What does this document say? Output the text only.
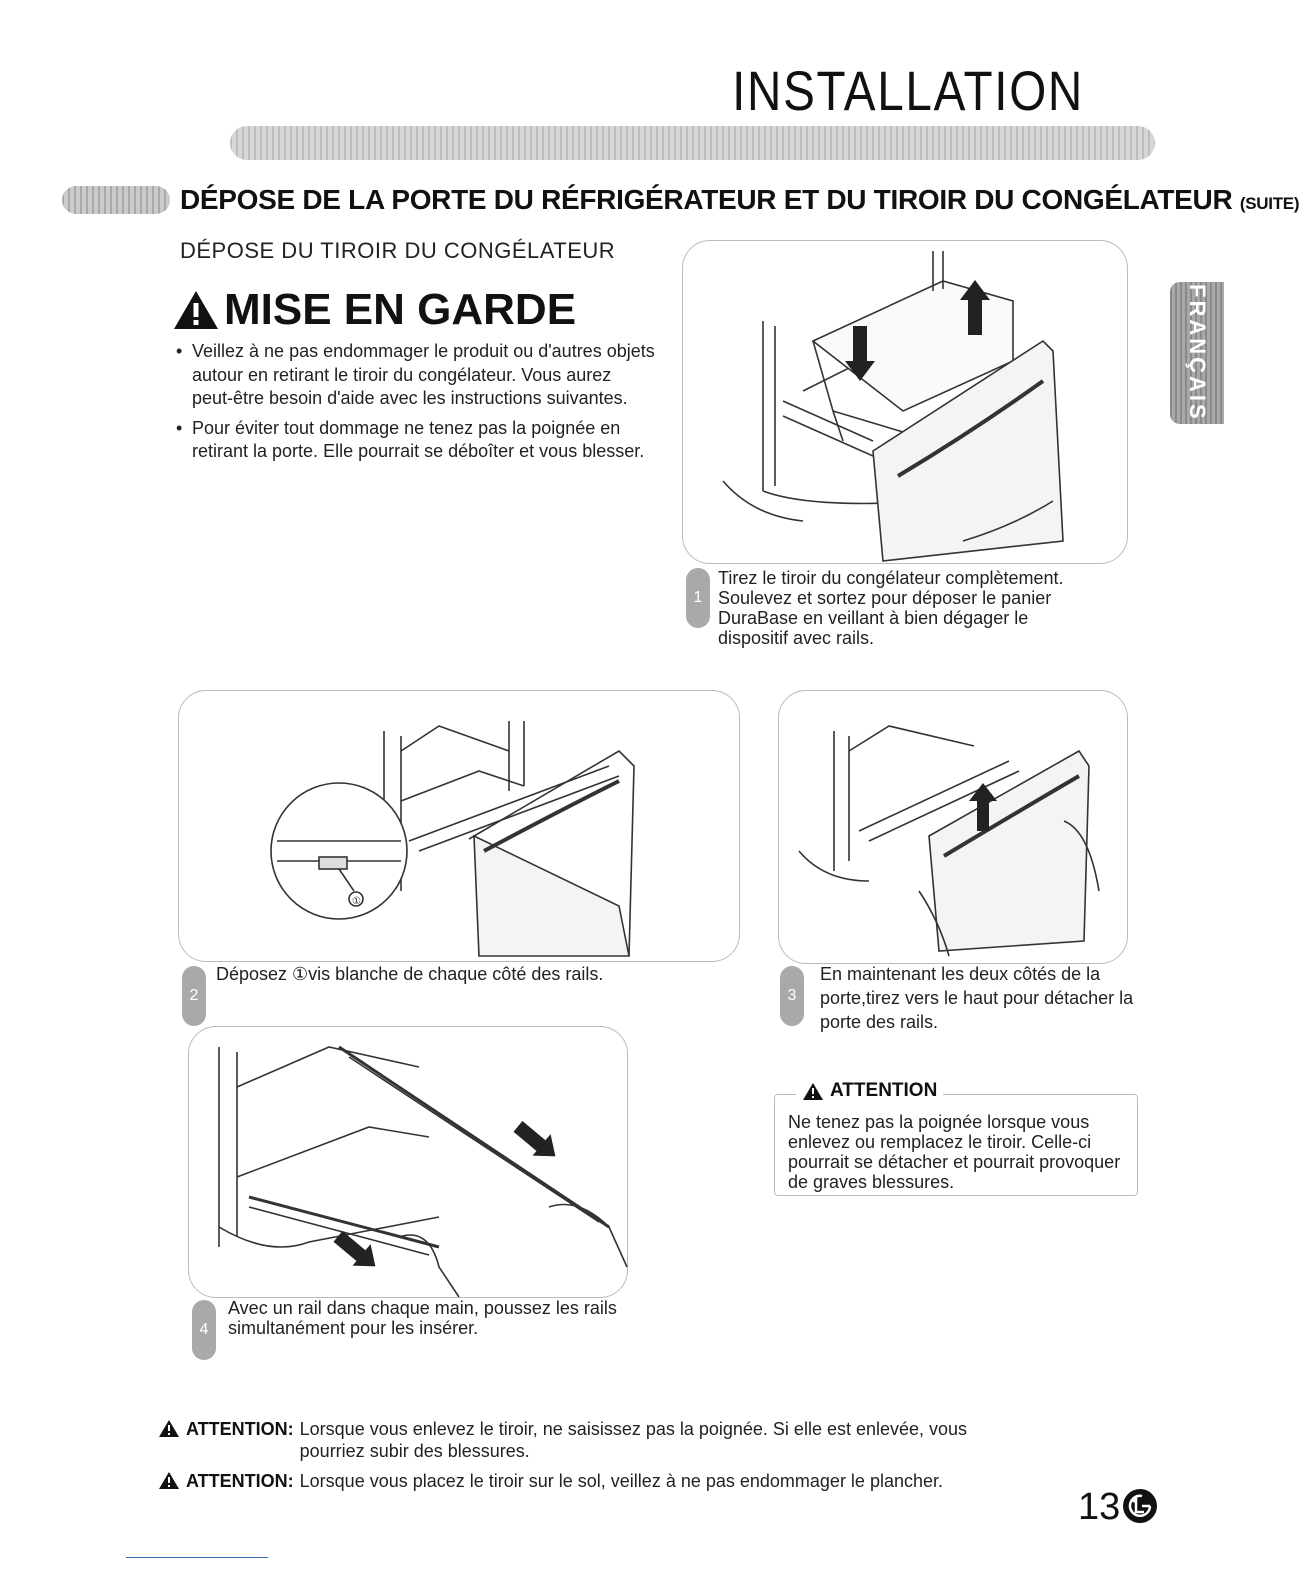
INSTALLATION
DÉPOSE DE LA PORTE DU RÉFRIGÉRATEUR ET DU TIROIR DU CONGÉLATEUR (SUITE)
FRANÇAIS
DÉPOSE DU TIROIR DU CONGÉLATEUR
MISE EN GARDE
• Veillez à ne pas endommager le produit ou d'autres objets autour en retirant le tiroir du congélateur. Vous aurez peut-être besoin d'aide avec les instructions suivantes.
• Pour éviter tout dommage ne tenez pas la poignée en retirant la porte. Elle pourrait se déboîter et vous blesser.
1
Tirez le tiroir du congélateur complètement. Soulevez et sortez pour déposer le panier DuraBase en veillant à bien dégager le dispositif avec rails.
①
2
Déposez ①vis blanche de chaque côté des rails.
3
En maintenant les deux côtés de la porte,tirez vers le haut pour détacher la porte des rails.
4
Avec un rail dans chaque main, poussez les rails simultanément pour les insérer.
ATTENTION
Ne tenez pas la poignée lorsque vous enlevez ou remplacez le tiroir. Celle-ci pourrait se détacher et pourrait provoquer de graves blessures.
ATTENTION: Lorsque vous enlevez le tiroir, ne saisissez pas la poignée. Si elle est enlevée, vous pourriez subir des blessures.
ATTENTION: Lorsque vous placez le tiroir sur le sol, veillez à ne pas endommager le plancher.
13
